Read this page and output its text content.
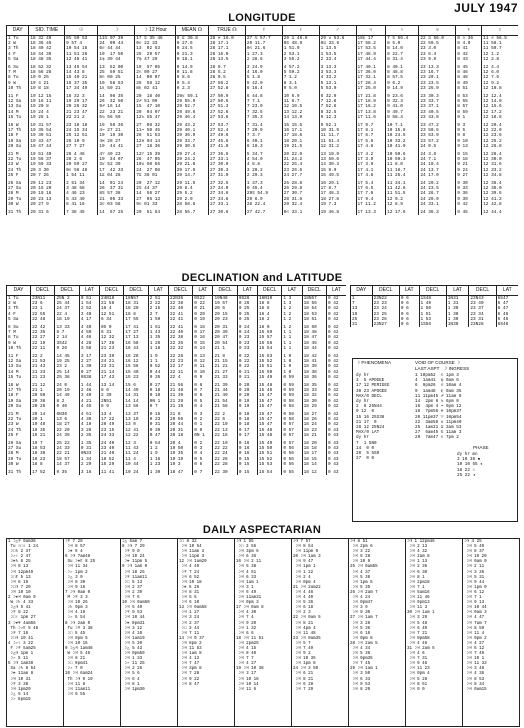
JULY 1947
LONGITUDE
DAY	SID. TIME	☉	☽	☽ 12 Hour	MEAN ☊	TRUE ☊	☿	♀	♂	♃	♄	♅	♆	♇
1 Tu	18 32 49	8♋ 59 53	11♋ 07 39	17 ♋ 35 46	0 ♊ 30.8	28 ♓ 16.0	27 ♋ 57.7	29 ♊ 46.8	29 ♉ 53.6	18♏ 17	7 ♋ 56.4	22 ♊ 56.0	8 ♎ 36	11 ♌ 56.5
2 W	18 36 46	9 57 4	24  00 44	0♌ 22 33	0 27.6	28 17.1	29 11.7	0♋ 48.9	0♊ 33.6	17 58.2	8 5.0	22 59.5	8 4.0	11 58.1
3 Th	18 40 42	10 54 16	6♌ 44 44	13  02 53	0 24.5	28 17.1	0♌ 21.6	1 51.0	1 13.5	17 53.5	8 14.0	23 3.0	8 41	11 59.7
4 F	18 44 39	11 51 28	19  17 50	25  29 57	0 21.3	28 16.0	1 27.3	2 53.1	1 53.5	17 48.9	8 22.7	23 6.4	8 42	12 1.2
5 Sa	18 48 35	12 48 41	1♍ 39 44	7♍ 47 29	0 18.1	28 13.5	2 28.6	3 55.2	2 33.4	17 44.4	8 31.4	23 9.9	8 43	12 2.8
6 Su	18 52 32	13 45 54	13  52 00	19  57 05	0 14.9	28 9.7	3 24.9	4 57.2	3 13.3	17 40.1	8 40.1	23 13.3	8 45	12 4.4
7 M	18 56 28	14 43 8	25  59 51	2♎ 00 27	0 11.8	28 5.2	4 16.0	5 59.2	3 53.3	17 36.0	8 48.8	23 16.7	8 46	12 6.0
8 Tu	19 0 25	15 40 21	8♎ 00 25	14  00 07	0 8.6	28 0.5	5 1.8	7 1.2	4 33.2	17 32.1	8 57.5	23 20.1	8 48	12 7.6
9 W	19 4 21	16 37 35	19  58 53	25  58 12	0 5.4	27 56.2	5 42.0	8 3.1	5 13.1	17 28.4	9 6.2	23 23.5	8 49	12 9.2
10 Th	19 8 18	17 34 49	1♏ 59 21	8♏ 02 41	0 2.3	27 52.8	6 16.4	9 5.0	5 53.0	17 25.0	9 14.9	23 26.9	8 51	12 10.8
11 F	19 12 15	18 32 3	14  08 35	20  18 40	29♉ 59.1	27 50.9	6 44.8	10 6.9	6 32.9	17 21.8	9 23.6	23 30.3	8 53	12 12.4
12 Sa	19 16 11	19 29 17	26  32 50	2♐ 51 09	29 55.9	27 50.5	7 7.1	11 8.7	7 12.8	17 18.9	9 32.3	23 33.7	8 55	12 14.0
13 Su	19 20 8	20 26 32	9♐ 16 14	15  47 10	29 52.7	27 51.3	7 23.0	12 10.5	7 52.6	17 16.2	9 41.0	23 37.1	8 57	12 15.6
14 M	19 24 4	21 23 47	22  23 21	29  04 07	29 49.6	27 52.6	7 32.5	13 12.2	8 32.5	17 13.8	9 49.7	23 40.5	8 59	12 17.2
15 Tu	19 28 1	22 21 2	5♑ 56 59	12♑ 55 47	29 46.4	27 53.6	7 35.3	14 13.9	9 12.3	17 11.6	9 58.4	23 43.8	9 1	12 18.8
16 W	19 31 57	23 18 18	19  58 36	27  08 32	29 43.2	27 53.7	7 31.4	15 15.5	9 52.1	17 9.7	10 7.1	23 47.2	9 3	12 20.4
17 Th	19 35 54	24 15 34	4♒ 27 21	11♒ 50 45	29 40.1	27 52.4	7 20.9	16 17.1	10 31.9	17 8.1	10 15.8	23 50.5	9 5	12 22.0
18 F	19 39 51	25 12 51	19  19 30	26  51 53	29 36.9	27 49.6	7 3.7	17 18.6	11 11.7	17 6.7	10 24.5	23 53.9	9 8	12 23.6
19 Sa	19 43 47	26 10 9	4♓ 28 27	12♓ 04 14	29 33.7	27 45.6	6 40.1	18 20.1	11 51.4	17 5.6	10 33.2	23 57.2	9 10	12 25.2
20 Su	19 47 44	27 7 27	19  44 41	27  18 36	29 30.5	27 41.0	6 10.3	19 21.5	12 31.2	17 4.8	10 41.9	24 0.5	9 13	12 26.8
21 M	19 51 40	28 4 46	4♈ 49 23	12♈ 15 39	29 27.4	27 36.6	5 34.7	20 22.9	13 10.9	17 4.2	10 50.6	24 3.8	9 15	12 28.4
22 Tu	19 55 37	29 2 6	19  34 07	26  47 05	29 24.2	27 33.1	4 54.0	21 24.2	13 50.6	17 3.9	10 59.3	24 7.1	9 18	12 30.0
23 W	19 59 33	29 59 27	3♉ 52 39	10♉ 50 56	29 21.0	27 30.9	4 8.8	22 25.4	14 30.3	17 3.9	11 8.0	24 10.4	9 21	12 31.6
24 Th	20 3 30	0♌ 56 48	17  42 33	24  27 08	29 17.9	27 30.3	3 20.2	23 26.6	15 9.9	17 4.1	11 16.7	24 13.7	9 24	12 33.2
25 F	20 7 26	1 54 11	1♊ 04 28	7♊ 38 01	29 14.7	27 31.0	2 29.3	24 27.7	15 49.5	17 4.6	11 25.4	24 17.0	9 27	12 34.8
26 Sa	20 11 23	2 51 34	14  01 24	20  27 12	29 11.5	27 32.5	1 37.3	25 28.8	16 29.1	17 5.4	11 34.1	24 20.2	9 30	12 36.4
27 Su	20 15 20	3 48 58	26  37 31	2♋ 44 37	29 8.4	27 34.0	0 45.4	26 29.8	17 8.7	17 6.5	11 42.8	24 23.5	9 33	12 38.0
28 M	20 19 16	4 46 23	8♋ 57 38	14  56 27	29 5.2	27 34.8	29♋ 54.9	27 30.7	17 48.3	17 7.8	11 51.5	24 26.7	9 36	12 39.6
29 Tu	20 23 13	5 43 49	21  05 33	27  05 13	29 2.0	27 34.6	29 6.9	28 31.6	18 27.8	17 9.4	12 0.2	24 29.9	9 39	12 41.2
30 W	20 27 9	6 41 16	3♌ 03 58	9♌ 01 33	28 58.8	27 33.1	28 22.4	29 32.4	19 7.3	17 11.2	12 8.9	24 33.1	9 42	12 42.8
31 Th	20 31 6	7 38 45	14  57 25	20  51 54	28 55.7	27 30.6	27 42.7	0♌ 33.1	19 46.8	17 13.3	12 17.6	24 36.3	9 45	12 44.4
DECLINATION and LATITUDE
DAY	DECL	DECL	LAT	DECL	DECL	LAT	DECL	LAT	DECL	LAT	DECL	LAT	DECL	LAT
1 Tu	23N11	25N 2	0 51	24N18	18N57	2 51	22N36	0S22	19N48	0S26	16N10	1 3	18N57	0 42
2 W	23 6	25 44	1 54	21 58	18 31	2 22	22 38	0 22	19 57	0 26	16 8	1 3	18 56	0 42
3 Th	23 1	24 37	2 52	18 4	18 20	2 15	22 40	0 21	20 6	0 25	16 6	1 2	18 54	0 42
4 F	22 55	22 4	3 40	12 51	18 8	2 7	22 41	0 20	20 15	0 25	16 4	1 2	18 53	0 42
5 Sa	22 48	18 19	4 17	6 34	17 55	1 59	22 41	0 19	20 23	0 25	16 2	1 2	18 51	0 42
6 Su	22 42	13 33	4 40	0S 0	17 41	1 51	22 41	0 18	20 31	0 24	16 0	1 2	18 50	0 42
7 M	22 35	8 7	4 50	6 31	17 27	1 43	22 40	0 17	20 39	0 24	15 59	1 1	18 48	0 42
8 Tu	22 27	2 14	4 46	12 32	17 13	1 35	22 38	0 16	20 47	0 23	15 57	1 1	18 47	0 42
9 W	22 19	3S42	4 28	17 38	16 58	1 26	22 35	0 15	20 54	0 23	15 56	1 1	18 45	0 42
10 Th	22 11	9 26	3 58	21 23	16 43	1 18	22 32	0 14	21 1	0 23	15 54	1 1	18 44	0 42
11 F	22 2	14 45	3 17	23 39	16 28	1 9	22 28	0 13	21 8	0 22	15 53	1 0	18 42	0 42
12 Sa	21 53	19 25	2 27	24 21	16 12	1 1	22 23	0 12	21 15	0 22	15 52	1 0	18 41	0 42
13 Su	21 43	23 2	1 30	23 31	15 56	0 52	22 17	0 11	21 21	0 22	15 51	1 0	18 39	0 42
14 M	21 33	25 14	0 27	21 14	15 40	0 44	22 11	0 10	21 27	0 21	15 50	1 0	18 38	0 42
15 Tu	21 23	25 38	0S38	17 43	15 23	0 35	22 4	0 9	21 33	0 21	15 49	0 59	18 36	0 42
16 W	21 12	24 0	1 44	13 14	15 6	0 27	21 56	0 8	21 39	0 20	15 48	0 59	18 35	0 42
17 Th	21 1	20 19	2 46	8 6	14 49	0 18	21 48	0 7	21 44	0 20	15 48	0 59	18 33	0 42
18 F	20 50	14 49	3 40	2 39	14 31	0 10	21 39	0 6	21 49	0 20	15 47	0 59	18 32	0 42
19 Sa	20 38	8 2	4 21	2N51	14 14	0N 1	21 29	0 5	21 54	0 19	15 47	0 58	18 30	0 42
20 Su	20 26	0 40	4 45	8 9	13 56	0 7	21 19	0 4	21 58	0 19	15 47	0 58	18 29	0 42
21 M	20 14	6N36	4 51	13 4	13 37	0 15	21 8	0 3	22 2	0 18	15 47	0 58	18 27	0 42
22 Tu	20 1	13 6	4 39	17 22	13 19	0 23	20 56	0 2	22 6	0 18	15 47	0 58	18 26	0 42
23 W	19 48	18 27	4 10	20 49	13 0	0 31	20 44	0 1	22 10	0 18	15 47	0 57	18 24	0 42
24 Th	19 35	22 20	3 28	23 15	12 41	0 39	20 31	0 0	22 13	0 17	15 48	0 57	18 23	0 43
25 F	19 21	24 39	2 35	24 33	12 22	0 47	20 18	0N 1	22 16	0 17	15 48	0 57	18 21	0 43
26 Sa	19 7	25 22	1 35	24 40	12 3	0 54	20 4	0 2	22 19	0 16	15 49	0 57	18 20	0 43
27 Su	18 53	24 33	0 31	23 40	11 43	1 2	19 50	0 3	22 22	0 16	15 50	0 56	18 18	0 43
28 M	18 38	22 21	0N33	21 40	11 24	1 9	19 35	0 4	22 24	0 16	15 51	0 56	18 17	0 43
29 Tu	18 23	18 57	1 34	18 52	11 4	1 16	19 19	0 5	22 26	0 15	15 52	0 56	18 15	0 43
30 W	18 8	14 37	2 29	15 29	10 44	1 23	19 3	0 6	22 28	0 15	15 53	0 56	18 14	0 43
31 Th	17 52	9 35	3 16	11 41	10 24	1 30	18 47	0 7	22 30	0 15	15 54	0 55	18 12	0 43
DAY	DECL	LAT	DECL	LAT	DECL	LAT
1	23N22	0 6	1S48	1N31	23N43	6S47
7	23 23	0 6	1 49	1 31	23 40	6 47
13	23 24	0 6	1 50	1 30	23 37	6 47
19	23 25	0 6	1 51	1 30	23 34	6 46
25	23 26	0 6	1 53	1 30	23 31	6 46
31	23N27	0 6	1S56	1N30	23N28	6S46
☽ PHENOMENA	VOID OF COURSE ☽
LAST ASPT   ☽ INGRESS
dy hr
3  5 APOGEE
17 12 PERIGEE
30 23 APOGEE
MAX/0 DECL
dy hr
2  8 25N44
9 12  0
15 16 25S38
21 17  0
28 12 25N24
MAX/0 LAT
dy hr
7  1 5N0
14  0 0
20  5 5S0
27  0 0
1 10pm52  ♌ 1pm 3
4  1am41  ♍ 0am 6
6  9pm26  ♎ 10am 4
9  1am48  ♏ 0am 35
11 11pm45 ♐ 11am 8
14  2pm 6 ♑ 6pm 0
16  4pm 4 ♒ 9pm 12
18  7pm56 ♓ 10pm37
20 11pm37 ♈ 10pm54
22  3am58 ♉ 11pm40
25  1am21 ♊ 3am 53
27  6am45 ♋ 11am 3
29  7am47 ♌ 7pm 2
PHASE
dy hr mn
3 10 38 ●
10 10 55 ◐
18 22 ○
25 22 ◑
DAILY ASPECTARIAN
1 ☽△♆ 0am38
Tu ☉□♀ 1 24
☽□♄ 2 37
☽♂♀ 2 47
☽⚹♄ 6 25
☽♃ 8 13
☽♃ 12pm49
☽□♇ 5 13
☽♃ 6 19
☽□♃ 7 20
☽♃ 10 10
2 ☽⚹♃ 0am 9
W ☽♄ 4 33
☽△♃ 5 41
☽♆ 8 22
☽□♀ 1pm 27
3 ☽⚹♅ 4am56
Th ☽♂♇ 5 48
☽♆ 7 16
☽□♃ 10 41
4 ☽♂♀ 3 22
F ☽♆ 5am25
☽△♃ 1pm 1
☽♂ 5 11
5 ☽♃ 1am38
Sa ☽♄ 8 54
☽⚹ 11am 8
☽♃ 10 31
☽♆ 3 38
☽♃ 1pm20
☽△ 5 14
☽♂ 8pm15
☽♆ 7 29
☽♃ 8 57
☽⚹ 9 4
6 ☽♃ 7am48
Su ☽⚹♇ 8 25
☽♃ 11 34
☽♂ 1pm 2
☽△ 3 0
☽♃ 8 30
☽♃ 9 16
7 ☽♃ 0am 0
M ☽♆ 3 3
☽♃ 10 26
☽♄ 0pm 3
☽♃ 4 19
☽♂ 5 54
8 ☽♃ 2am 0
Tu ☽♆ 3 38
☽□ 5 45
☽♃ 8pm 5
☽♃ 10 15
9 ☽△♃ 1am48
W ☽♃ 5 46
☽♃ 8 21
☽□ 0pm41
☽♂ 7 0
10 ☽♃ 6am24
Th ☽♃ 9 19
☽♃ 11 8
☽♃ 11am11
☽♃ 6 55
☽△ 6am 7
8 ☽♃ 7 29
☽♆ 9 0
☽♃ 10 24
☽⚹ 11pm 5
9 ☽♃ 1am 0
☽♃ 10 25
☽♆ 11am11
☽□ 5 13
☽♃ 2 37
☽♃ 2 39
☽♃ 7 6
10 ☽♃ 0am50
☽♃ 5 40
☽♆ 9 53
☽♃ 10 44
☽⚹ 0pm31
☽♃ 3 12
☽♃ 4 10
☽♃ 1am19
☽♃ 5 20
☽△ 5 43
☽♃ 0pm59
☽♃ 1 33
☽♂ 11 25
☽♃ 2 26
☽♃ 5 6
☽♃ 6 4
☽♃ 8 1
☽♃ 1pm30
☽□ 8 32
☽♃ 10 54
☽♃ 11am 3
☽♃ 11pm 3
12 ☽♃ 1am20
☽♃ 4 49
☽♆ 7 24
☽♃ 6 52
☽♃ 10 18
☽⚹ 5 26
☽♃ 8 31
☽♃ 5 6
☽♃ 6 10
13 ☽♃ 0am58
☽♃ 1 27
☽♃ 3 24
☽♃ 2 37
☽□ 3 44
☽♃ 7 11
14 ☽♃ 0 37
☽♃ 8pm 2
☽♃ 11 53
☽♃ 1am 8
☽♃ 4 13
☽♃ 7 47
☽♃ 3pm 8
☽♃ 7 28
☽♃ 9 22
☽♃ 8 47
☽♃ 1 55
☽□ 3 56
☽♃ 3pm 6
☽♃ 6 36
16 ☽♃ 2 11
☽♃ 5 38
☽♃ 4 51
☽♃ 6 33
☽♃ 1am 1
☽♃ 3 1
☽♃ 6 49
☽♃ 11am31
☽♃ 0pm 3
17 ☽♃ 0am 8
☽♃ 4 30
☽♃ 7 4
☽♃ 9 20
☽♃ 1 32
☽♃ 6 6
18 ☽♃ 11 51
☽♃ 2pm25
☽♃ 4 15
☽♃ 8 40
☽♃ 7 7
☽♃ 4 27
19 ☽♃ 10 38
☽♃ 3 17
☽♃ 10 18
☽♃ 10 14
☽♃ 11 6
☽♃ 7 57
☽♃ 8 54
☽♃ 11pm 0
20 ☽♃ 1am 3
☽♃ 9 47
☽♃ 1pm 1
☽♃ 1 22
☽♃ 2 4
☽♃ 0pm 4
21 ☽♃ 2am22
☽♃ 4 46
☽♃ 4 40
☽♃ 5 36
☽♃ 6 18
☽♃ 2 3
22 ☽♃ 0am 5
☽♃ 8 21
☽♃ 4pm 4
☽♃ 11 48
23 ☽♃ 0am35
☽♃ 5 7
☽♃ 7 49
☽♃ 9 2
☽♃ 10 35
☽♃ 1pm 8
24 ☽♃ 3 50
☽♃ 6 21
☽♃ 8 21
☽♃ 6 28
☽♃ 7 29
☽♃ 8 51
☽♃ 2pm 6
☽♃ 3 22
☽♃ 6 28
☽♃ 10 9
25 ☽♃ 0am55
☽♃ 4 37
☽♃ 5 36
☽♃ 1pm 5
☽♃ 5 35
26 ☽♃ 2am 7
☽♃ 4 24
☽♃ 0pm47
☽♃ 3 9
☽♃ 9 30
27 ☽♃ 1am 7
☽♃ 3 28
☽♃ 5 36
☽♃ 6 10
☽♃ 0pm 8
28 ☽♃ 2am 5
☽♃ 4 34
☽♃ 5 38
☽♃ 0pm35
☽♃ 7 45
29 ☽♃ 1am 1
☽♃ 3 50
☽♃ 6 33
☽♃ 9 53
☽♃ 8 20
☽♃ 1 12pm46
☽♃ 2 13
☽♃ 4 32
☽♃ 2am 8
☽♃ 1 13
☽♃ 2 36
☽♃ 6 30
☽♃ 8 1
☽♃ 2pm18
☽♃ 7 1
☽♃ 5am16
☽♃ 11 46
☽♃ 9pm13
☽♃ 11 3
30 ☽♃ 1am 1
☽♃ 3 29
☽♃ 5 48
☽♃ 6 40
☽♃ 7 21
☽♃ 0pm58
☽♃ 4 46
31 ☽♃ 2am 5
☽♃ 4 6
☽♃ 7 31
☽♃ 9 46
☽♃ 11 23
☽♃ 0pm 4
☽♃ 5 28
☽♃ 8 51
☽♃ 9 0
☽♃ 4 25
☽♃ 5 40
☽♃ 8 37
☽♃ 10 20
☽♃ 0am 0
☽♃ 2 11
☽♃ 3 35
☽♃ 5 31
☽♃ 9 44
☽♃ 1pm 0
☽♃ 6 12
☽♃ 7 1
☽♃ 9 13
☽♃ 10 44
☽♃ 0am 3
☽♃ 4 47
☽♃ 7am 7
☽♃ 8 59
☽♃ 11 4
☽♃ 0pm 2
☽♃ 4 27
☽♃ 6 12
☽♃ 7 49
☽♃ 10 1
☽♃ 11 33
☽♃ 3 48
☽♃ 4 36
☽♃ 8 53
☽♃ 8 34
☽♃ 0am15
